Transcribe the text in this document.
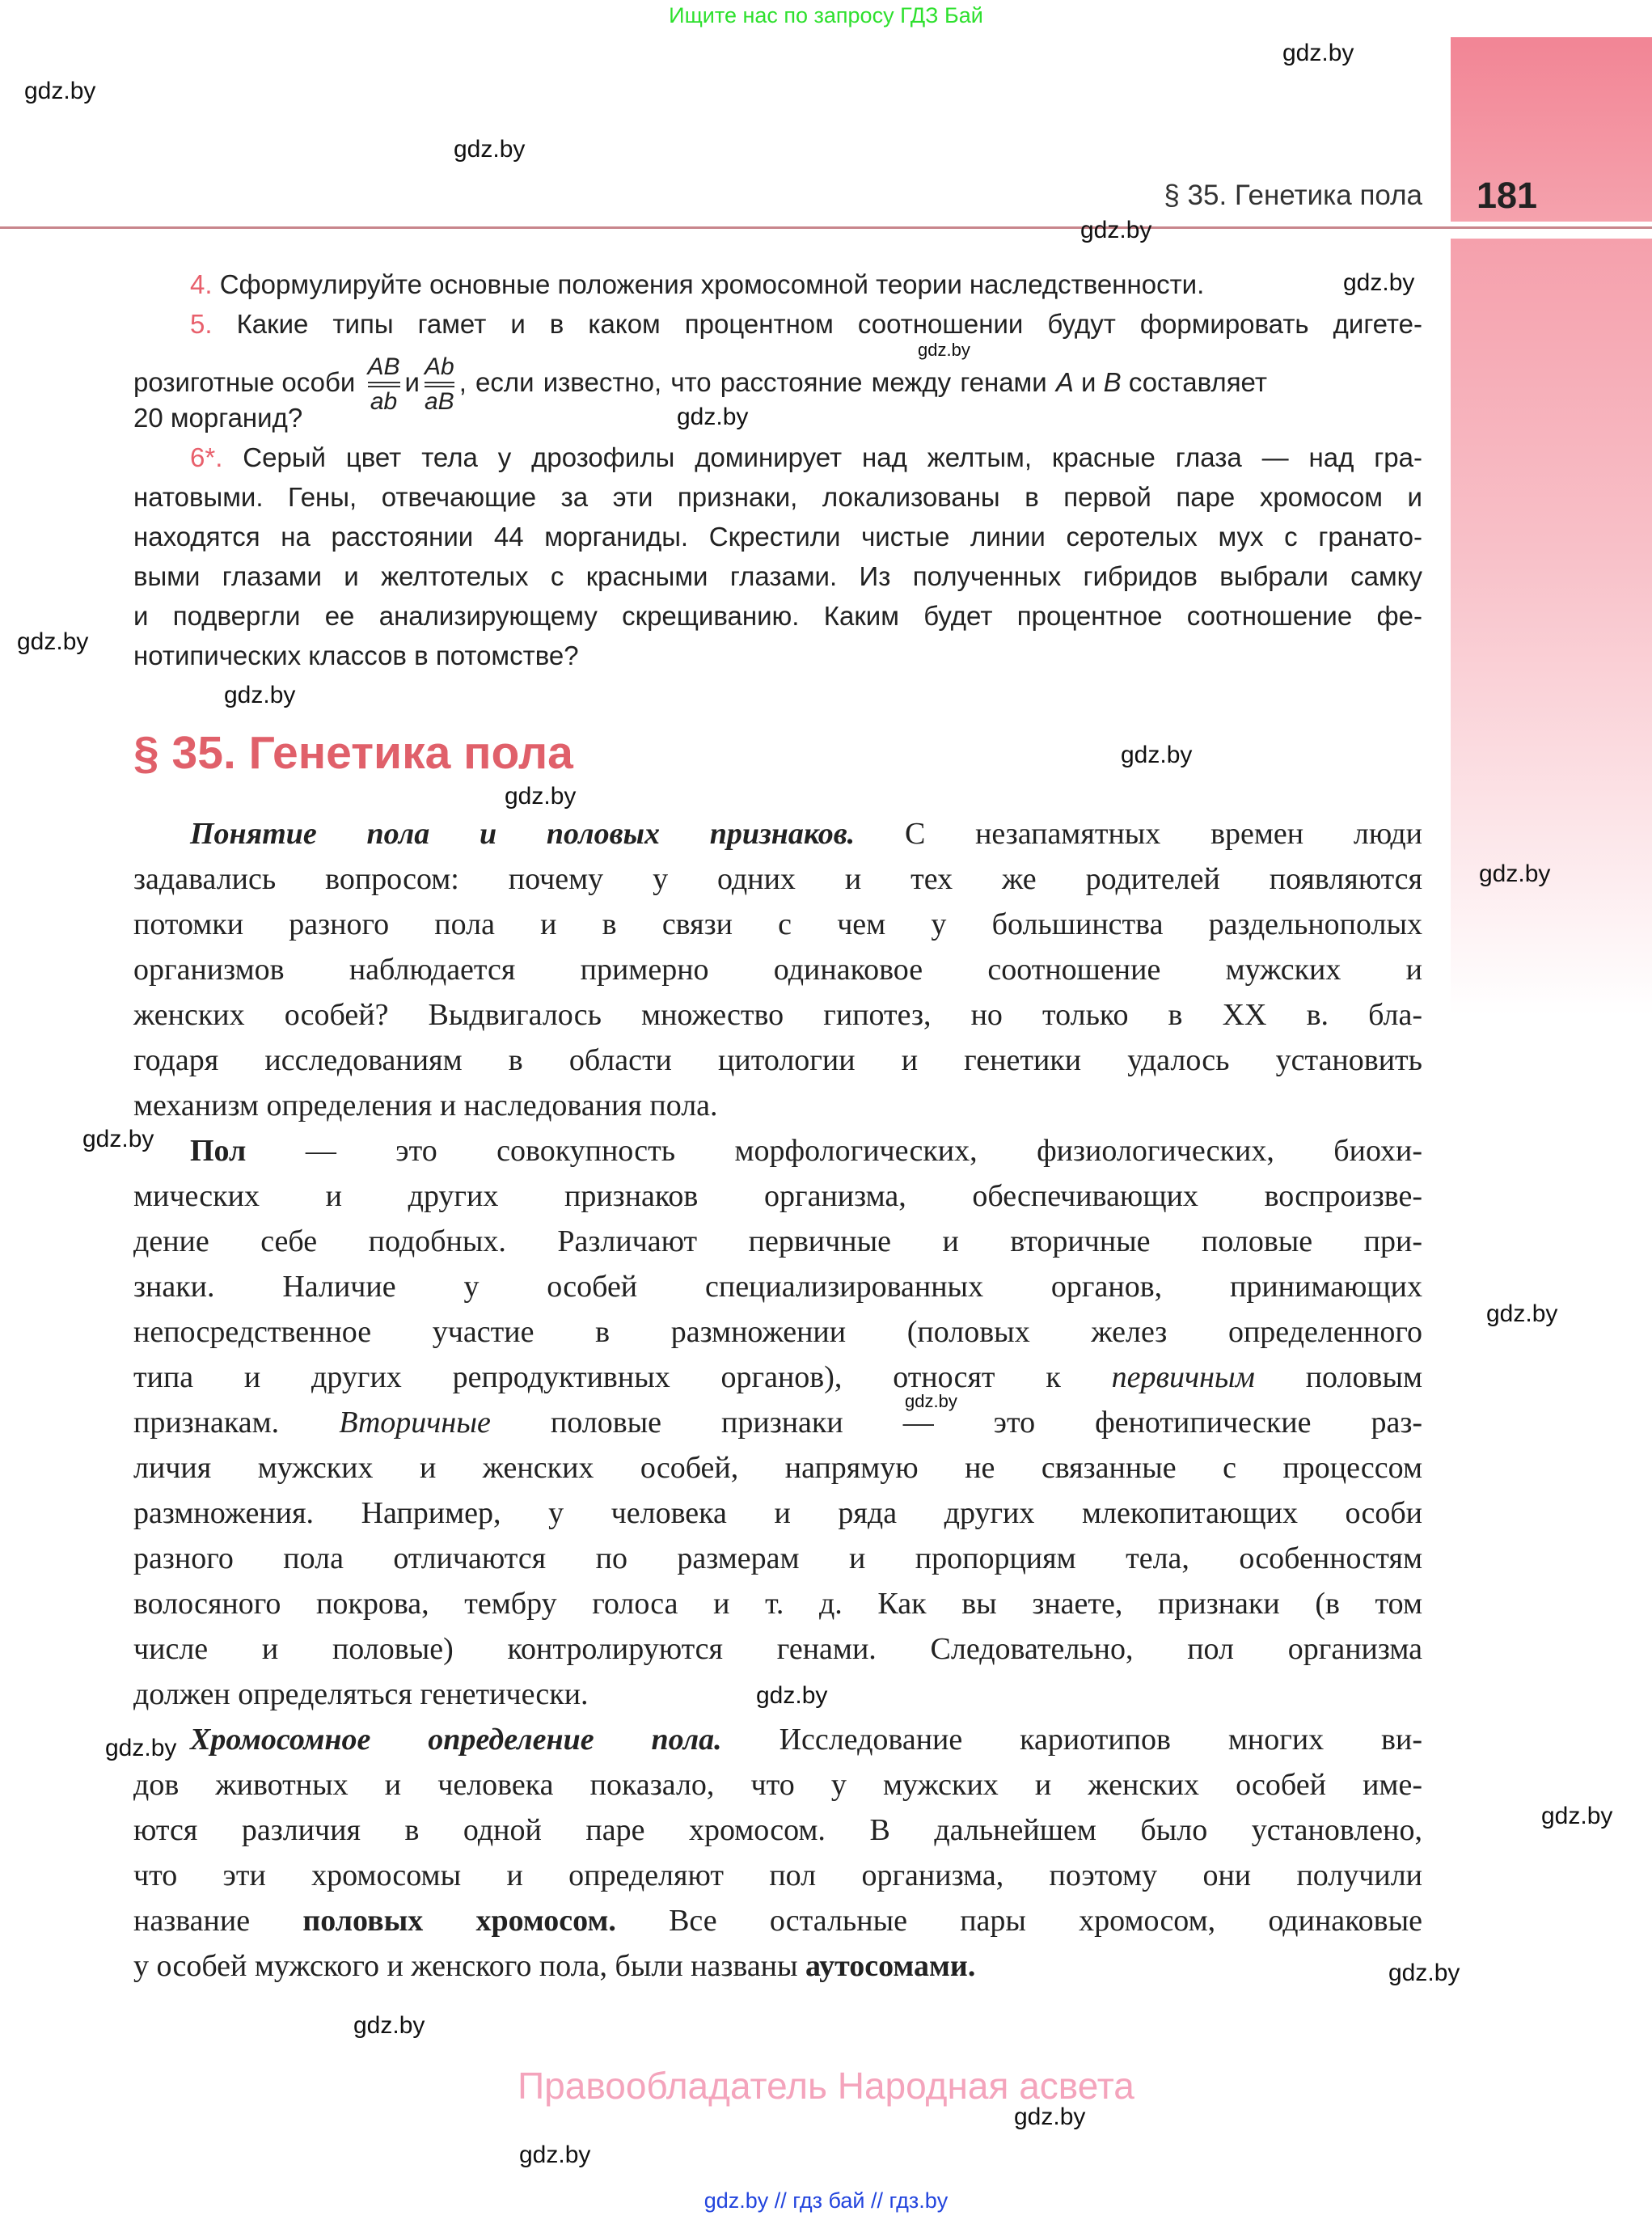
Ищите нас по запросу ГДЗ Бай
§ 35. Генетика пола 181
4. Сформулируйте основные положения хромосомной теории наследственности.
5. Какие типы гамет и в каком процентном соотношении будут формировать дигете-
розиготные особи
AB
ab
и
Ab
aB
, если известно, что расстояние между генами A и B составляет
20 морганид?
6*. Серый цвет тела у дрозофилы доминирует над желтым, красные глаза — над гра-
натовыми. Гены, отвечающие за эти признаки, локализованы в первой паре хромосом и
находятся на расстоянии 44 морганиды. Скрестили чистые линии серотелых мух с гранато-
выми глазами и желтотелых с красными глазами. Из полученных гибридов выбрали самку
и подвергли ее анализирующему скрещиванию. Каким будет процентное соотношение фе-
нотипических классов в потомстве?
§ 35. Генетика пола
Понятие пола и половых признаков. С незапамятных времен люди
задавались вопросом: почему у одних и тех же родителей появляются
потомки разного пола и в связи с чем у большинства раздельнополых
организмов наблюдается примерно одинаковое соотношение мужских и
женских особей? Выдвигалось множество гипотез, но только в XX в. бла-
годаря исследованиям в области цитологии и генетики удалось установить
механизм определения и наследования пола.
Пол — это совокупность морфологических, физиологических, биохи-
мических и других признаков организма, обеспечивающих воспроизве-
дение себе подобных. Различают первичные и вторичные половые при-
знаки. Наличие у особей специализированных органов, принимающих
непосредственное участие в размножении (половых желез определенного
типа и других репродуктивных органов), относят к первичным половым
признакам. Вторичные половые признаки — это фенотипические раз-
личия мужских и женских особей, напрямую не связанные с процессом
размножения. Например, у человека и ряда других млекопитающих особи
разного пола отличаются по размерам и пропорциям тела, особенностям
волосяного покрова, тембру голоса и т. д. Как вы знаете, признаки (в том
числе и половые) контролируются генами. Следовательно, пол организма
должен определяться генетически.
Хромосомное определение пола. Исследование кариотипов многих ви-
дов животных и человека показало, что у мужских и женских особей име-
ются различия в одной паре хромосом. В дальнейшем было установлено,
что эти хромосомы и определяют пол организма, поэтому они получили
название половых хромосом. Все остальные пары хромосом, одинаковые
у особей мужского и женского пола, были названы аутосомами.
Правообладатель Народная асвета
gdz.by // гдз бай // гдз.by
gdz.by
gdz.by
gdz.by
gdz.by
gdz.by
gdz.by
gdz.by
gdz.by
gdz.by
gdz.by
gdz.by
gdz.by
gdz.by
gdz.by
gdz.by
gdz.by
gdz.by
gdz.by
gdz.by
gdz.by
gdz.by
gdz.by
